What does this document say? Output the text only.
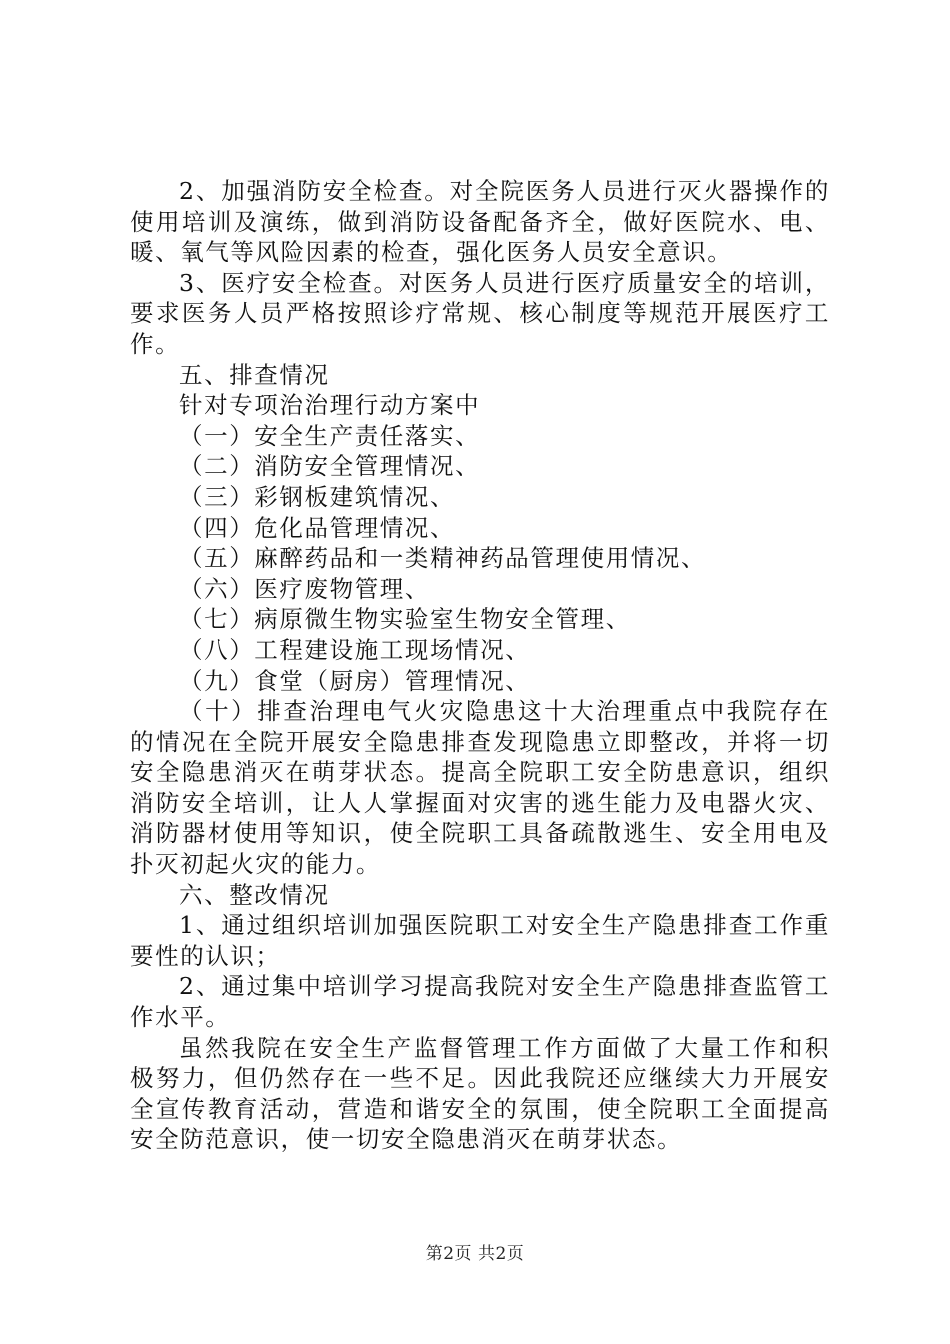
2、加强消防安全检查。对全院医务人员进行灭火器操作的使用培训及演练，做到消防设备配备齐全，做好医院水、电、暖、氧气等风险因素的检查，强化医务人员安全意识。

3、医疗安全检查。对医务人员进行医疗质量安全的培训，要求医务人员严格按照诊疗常规、核心制度等规范开展医疗工作。

五、排查情况

针对专项治治理行动方案中

（一）安全生产责任落实、

（二）消防安全管理情况、

（三）彩钢板建筑情况、

（四）危化品管理情况、

（五）麻醉药品和一类精神药品管理使用情况、

（六）医疗废物管理、

（七）病原微生物实验室生物安全管理、

（八）工程建设施工现场情况、

（九）食堂（厨房）管理情况、

（十）排查治理电气火灾隐患这十大治理重点中我院存在的情况在全院开展安全隐患排查发现隐患立即整改，并将一切安全隐患消灭在萌芽状态。提高全院职工安全防患意识，组织消防安全培训，让人人掌握面对灾害的逃生能力及电器火灾、消防器材使用等知识，使全院职工具备疏散逃生、安全用电及扑灭初起火灾的能力。

六、整改情况

1、通过组织培训加强医院职工对安全生产隐患排查工作重要性的认识；

2、通过集中培训学习提高我院对安全生产隐患排查监管工作水平。

虽然我院在安全生产监督管理工作方面做了大量工作和积极努力，但仍然存在一些不足。因此我院还应继续大力开展安全宣传教育活动，营造和谐安全的氛围，使全院职工全面提高安全防范意识，使一切安全隐患消灭在萌芽状态。

第2页 共2页
